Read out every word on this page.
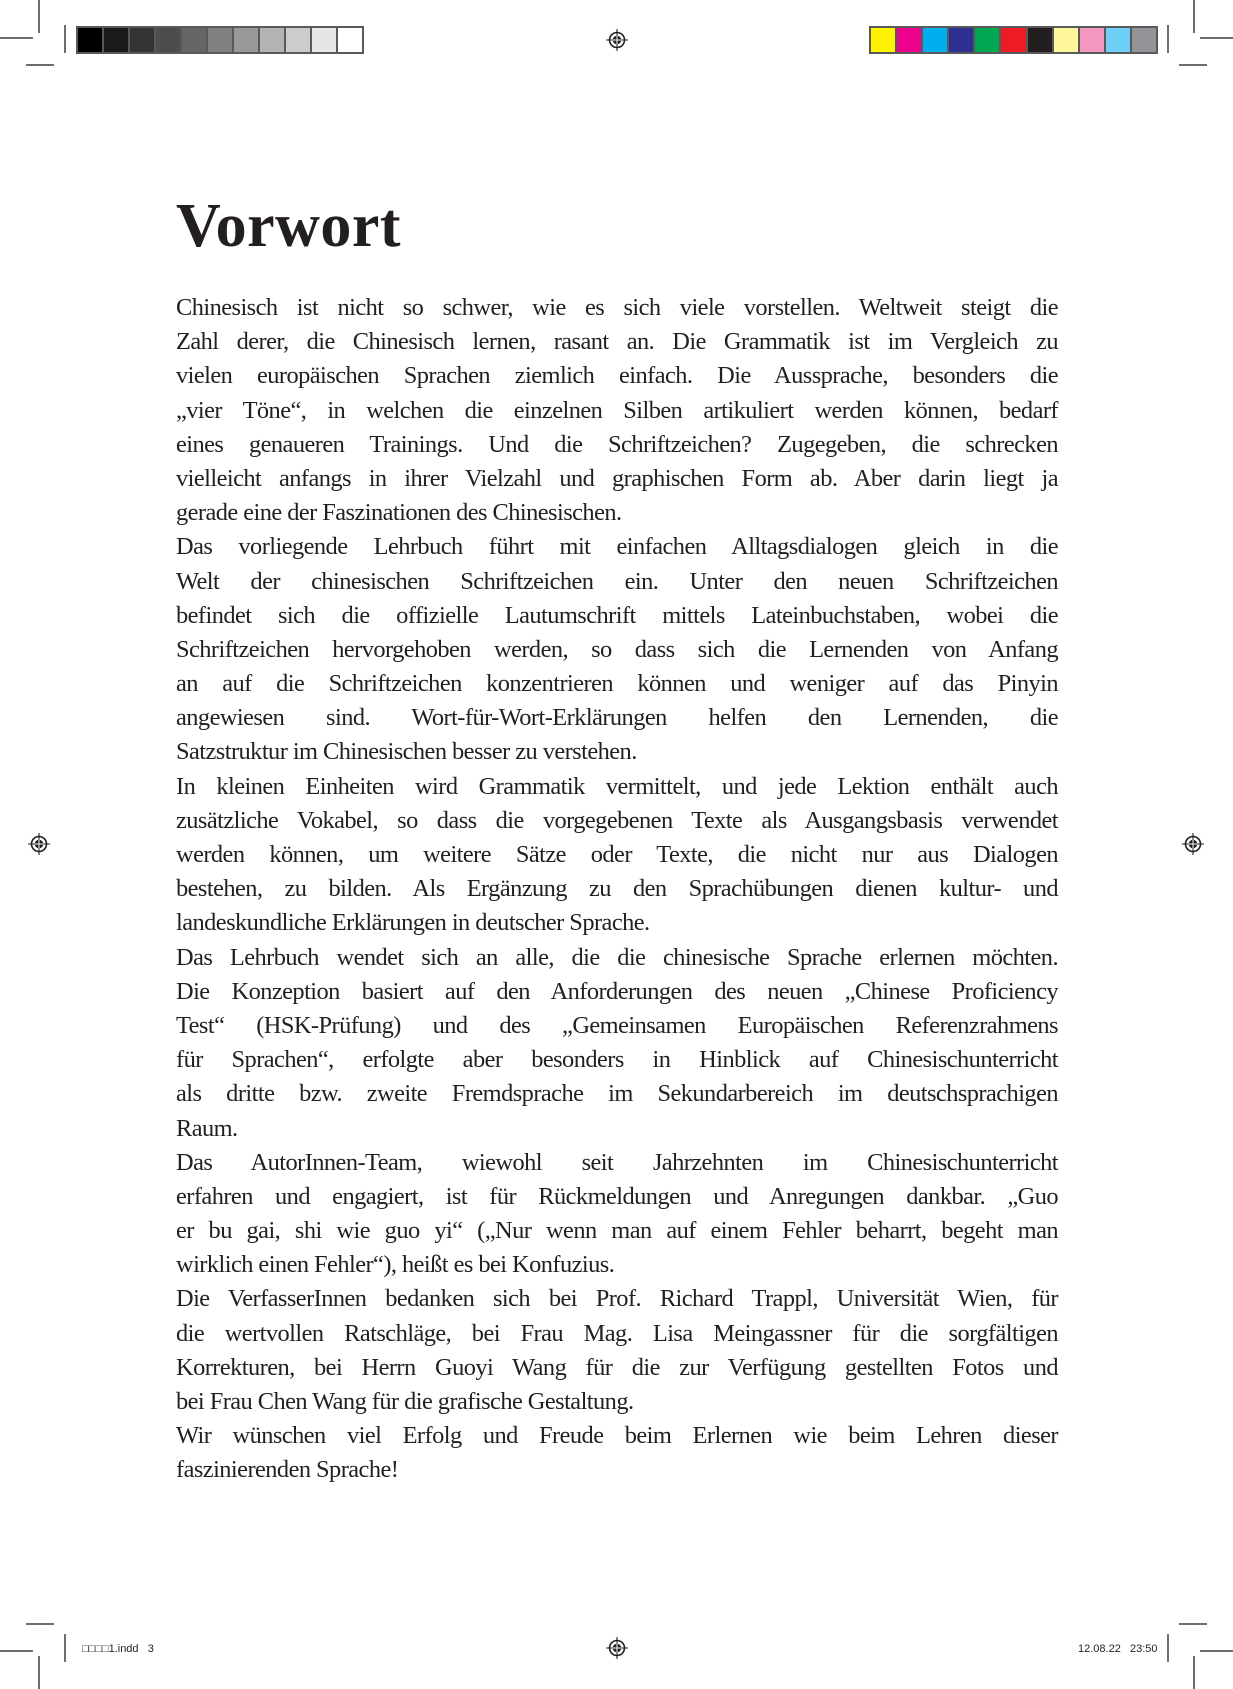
Vorwort
Chinesisch ist nicht so schwer, wie es sich viele vorstellen. Weltweit steigt die
Zahl derer, die Chinesisch lernen, rasant an. Die Grammatik ist im Vergleich zu
vielen europäischen Sprachen ziemlich einfach. Die Aussprache, besonders die
„vier Töne“, in welchen die einzelnen Silben artikuliert werden können, bedarf
eines genaueren Trainings. Und die Schriftzeichen? Zugegeben, die schrecken
vielleicht anfangs in ihrer Vielzahl und graphischen Form ab. Aber darin liegt ja
gerade eine der Faszinationen des Chinesischen.
Das vorliegende Lehrbuch führt mit einfachen Alltagsdialogen gleich in die
Welt der chinesischen Schriftzeichen ein. Unter den neuen Schriftzeichen
befindet sich die offizielle Lautumschrift mittels Lateinbuchstaben, wobei die
Schriftzeichen hervorgehoben werden, so dass sich die Lernenden von Anfang
an auf die Schriftzeichen konzentrieren können und weniger auf das Pinyin
angewiesen sind. Wort-für-Wort-Erklärungen helfen den Lernenden, die
Satzstruktur im Chinesischen besser zu verstehen.
In kleinen Einheiten wird Grammatik vermittelt, und jede Lektion enthält auch
zusätzliche Vokabel, so dass die vorgegebenen Texte als Ausgangsbasis verwendet
werden können, um weitere Sätze oder Texte, die nicht nur aus Dialogen
bestehen, zu bilden. Als Ergänzung zu den Sprachübungen dienen kultur- und
landeskundliche Erklärungen in deutscher Sprache.
Das Lehrbuch wendet sich an alle, die die chinesische Sprache erlernen möchten.
Die Konzeption basiert auf den Anforderungen des neuen „Chinese Proficiency
Test“ (HSK-Prüfung) und des „Gemeinsamen Europäischen Referenzrahmens
für Sprachen“, erfolgte aber besonders in Hinblick auf Chinesischunterricht
als dritte bzw. zweite Fremdsprache im Sekundarbereich im deutschsprachigen
Raum.
Das AutorInnen-Team, wiewohl seit Jahrzehnten im Chinesischunterricht
erfahren und engagiert, ist für Rückmeldungen und Anregungen dankbar. „Guo
er bu gai, shi wie guo yi“ („Nur wenn man auf einem Fehler beharrt, begeht man
wirklich einen Fehler“), heißt es bei Konfuzius.
Die VerfasserInnen bedanken sich bei Prof. Richard Trappl, Universität Wien, für
die wertvollen Ratschläge, bei Frau Mag. Lisa Meingassner für die sorgfältigen
Korrekturen, bei Herrn Guoyi Wang für die zur Verfügung gestellten Fotos und
bei Frau Chen Wang für die grafische Gestaltung.
Wir wünschen viel Erfolg und Freude beim Erlernen wie beim Lehren dieser
faszinierenden Sprache!
□□□□1.indd   3	12.08.22   23:50
